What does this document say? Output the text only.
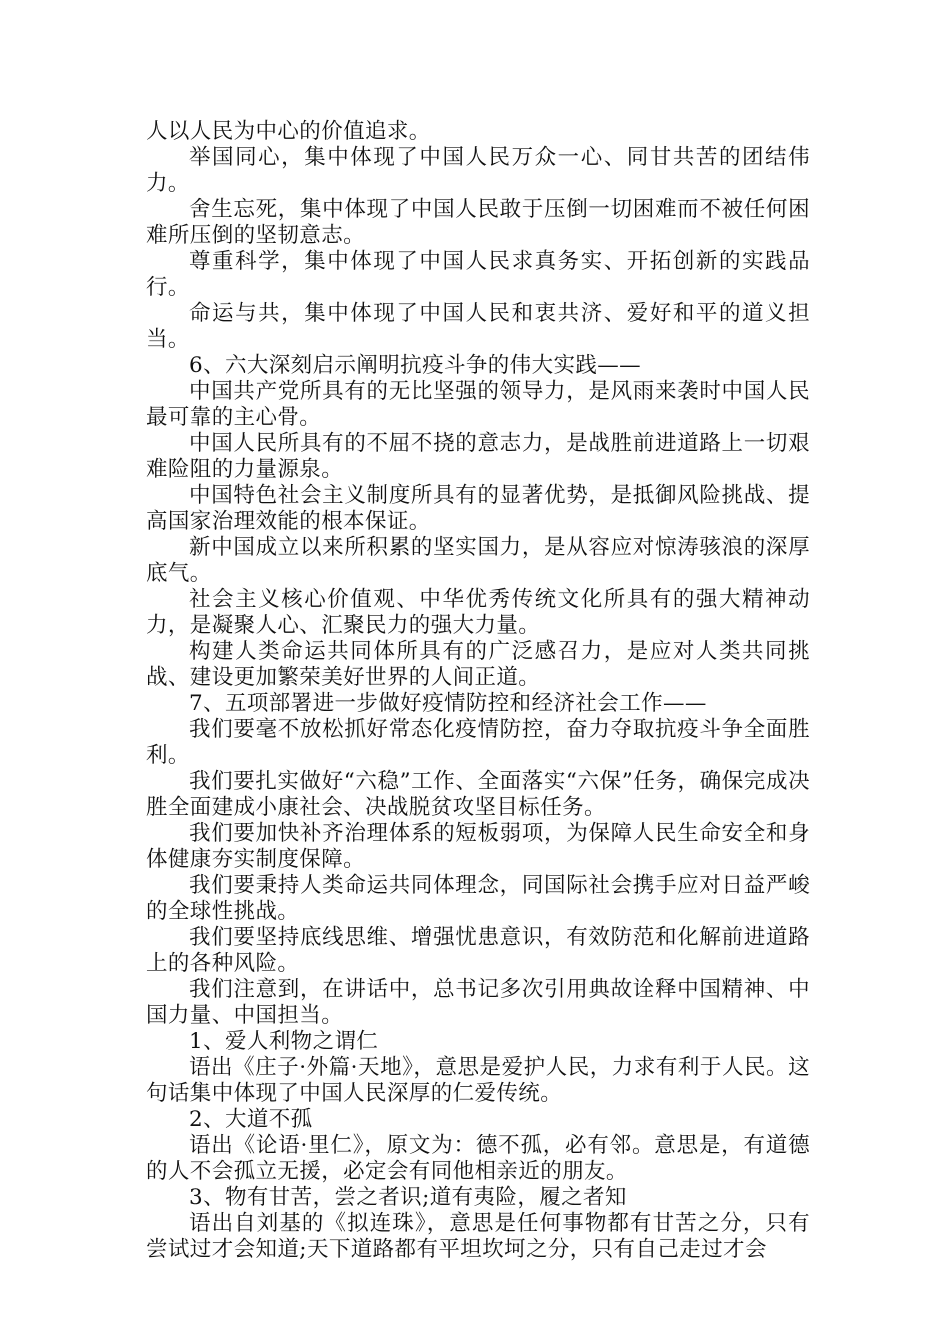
人以人民为中心的价值追求。

举国同心，集中体现了中国人民万众一心、同甘共苦的团结伟力。

舍生忘死，集中体现了中国人民敢于压倒一切困难而不被任何困难所压倒的坚韧意志。

尊重科学，集中体现了中国人民求真务实、开拓创新的实践品行。

命运与共，集中体现了中国人民和衷共济、爱好和平的道义担当。

6、六大深刻启示阐明抗疫斗争的伟大实践——

中国共产党所具有的无比坚强的领导力，是风雨来袭时中国人民最可靠的主心骨。

中国人民所具有的不屈不挠的意志力，是战胜前进道路上一切艰难险阻的力量源泉。

中国特色社会主义制度所具有的显著优势，是抵御风险挑战、提高国家治理效能的根本保证。

新中国成立以来所积累的坚实国力，是从容应对惊涛骇浪的深厚底气。

社会主义核心价值观、中华优秀传统文化所具有的强大精神动力，是凝聚人心、汇聚民力的强大力量。

构建人类命运共同体所具有的广泛感召力，是应对人类共同挑战、建设更加繁荣美好世界的人间正道。

7、五项部署进一步做好疫情防控和经济社会工作——

我们要毫不放松抓好常态化疫情防控，奋力夺取抗疫斗争全面胜利。

我们要扎实做好“六稳”工作、全面落实“六保”任务，确保完成决胜全面建成小康社会、决战脱贫攻坚目标任务。

我们要加快补齐治理体系的短板弱项，为保障人民生命安全和身体健康夯实制度保障。

我们要秉持人类命运共同体理念，同国际社会携手应对日益严峻的全球性挑战。

我们要坚持底线思维、增强忧患意识，有效防范和化解前进道路上的各种风险。

我们注意到，在讲话中，总书记多次引用典故诠释中国精神、中国力量、中国担当。

1、爱人利物之谓仁

语出《庄子·外篇·天地》，意思是爱护人民，力求有利于人民。这句话集中体现了中国人民深厚的仁爱传统。

2、大道不孤

语出《论语·里仁》，原文为：德不孤，必有邻。意思是，有道德的人不会孤立无援，必定会有同他相亲近的朋友。

3、物有甘苦，尝之者识;道有夷险，履之者知

语出自刘基的《拟连珠》，意思是任何事物都有甘苦之分，只有尝试过才会知道;天下道路都有平坦坎坷之分，只有自己走过才会
